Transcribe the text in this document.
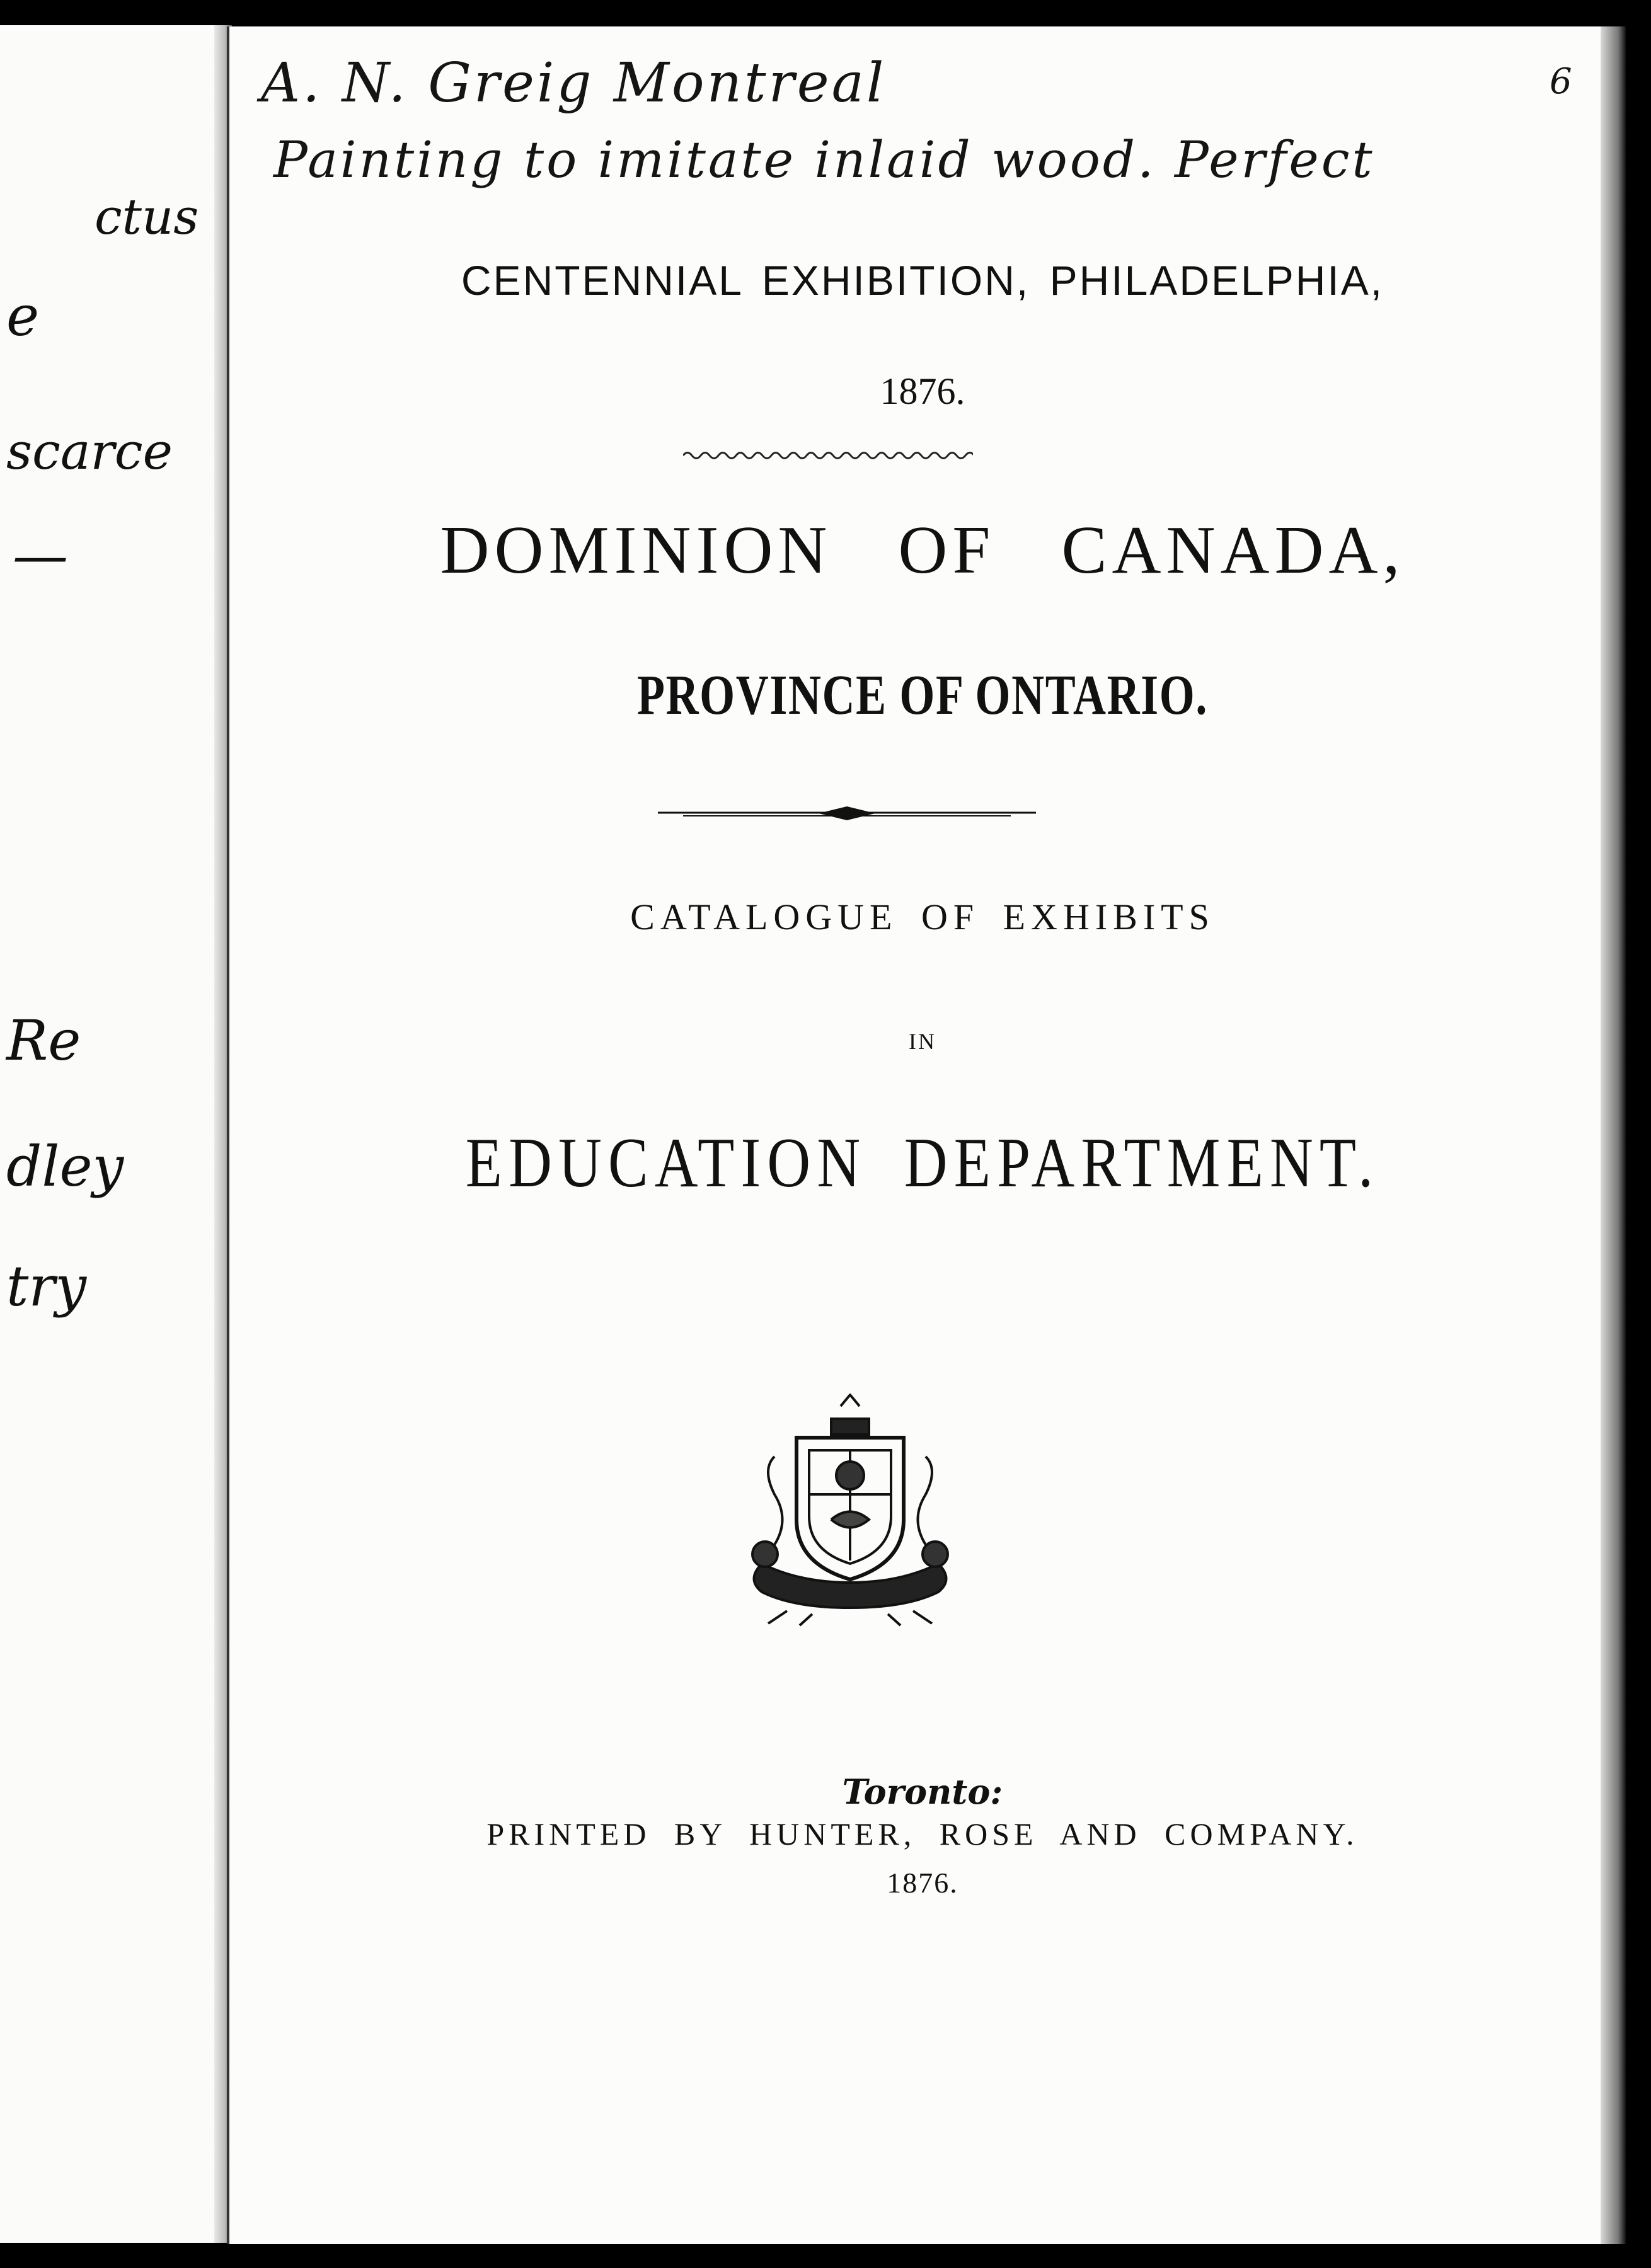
ctus
e
scarce
—
Re
dley
try
A. N. Greig Montreal
Painting to imitate inlaid wood. Perfect
6
CENTENNIAL EXHIBITION, PHILADELPHIA,
1876.
DOMINION OF CANADA,
PROVINCE OF ONTARIO.
CATALOGUE OF EXHIBITS
IN
EDUCATION DEPARTMENT.
Toronto:
PRINTED BY HUNTER, ROSE AND COMPANY.
1876.
